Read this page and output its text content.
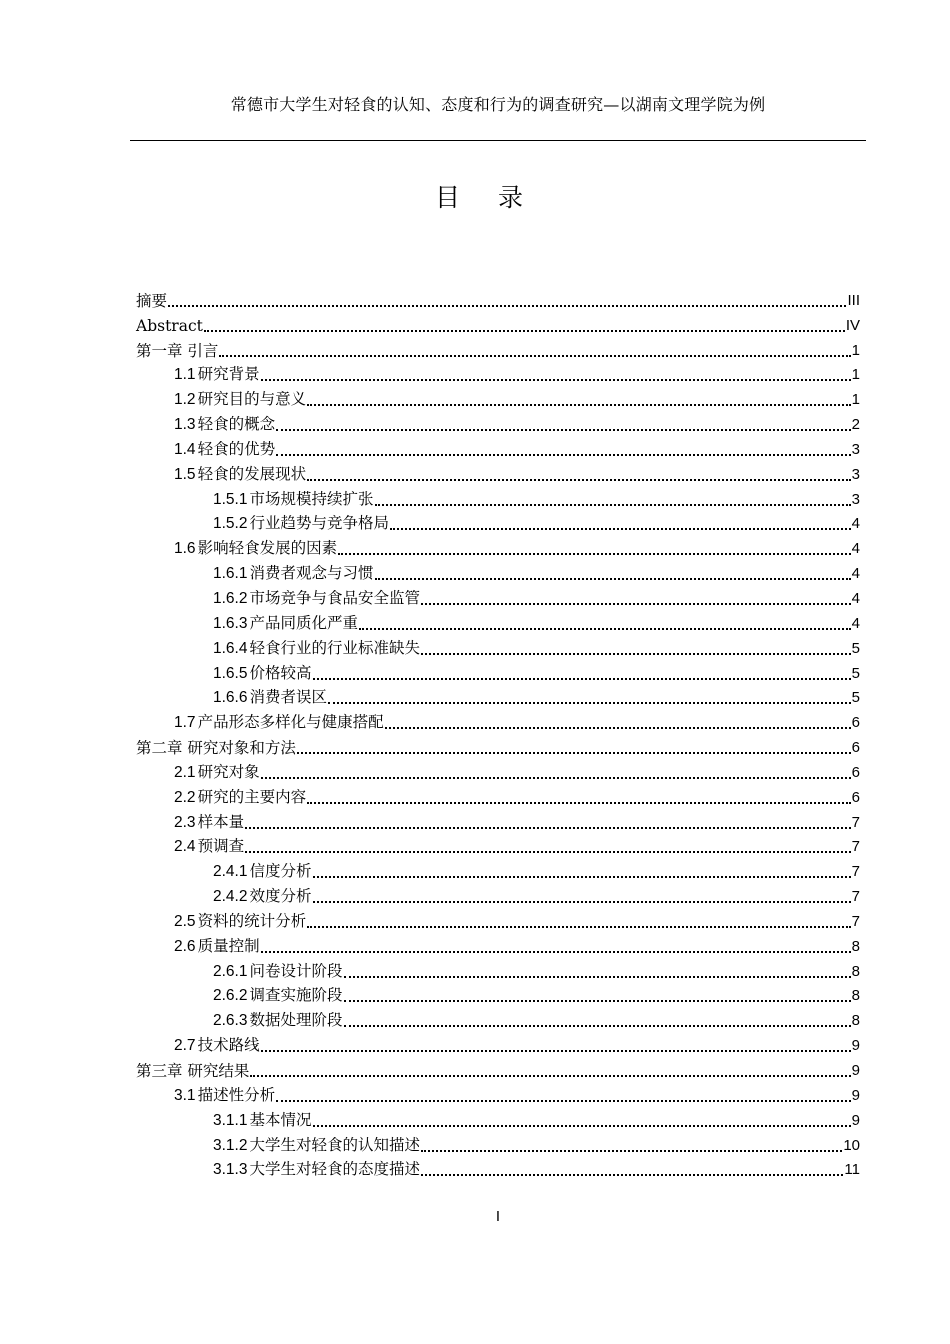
常德市大学生对轻食的认知、态度和行为的调查研究—以湖南文理学院为例
目录
摘要	III
Abstract	IV
第一章 引言	1
1.1 研究背景	1
1.2 研究目的与意义	1
1.3 轻食的概念	2
1.4 轻食的优势	3
1.5 轻食的发展现状	3
1.5.1 市场规模持续扩张	3
1.5.2 行业趋势与竞争格局	4
1.6 影响轻食发展的因素	4
1.6.1 消费者观念与习惯	4
1.6.2 市场竞争与食品安全监管	4
1.6.3 产品同质化严重	4
1.6.4 轻食行业的行业标准缺失	5
1.6.5 价格较高	5
1.6.6 消费者误区	5
1.7 产品形态多样化与健康搭配	6
第二章 研究对象和方法	6
2.1 研究对象	6
2.2 研究的主要内容	6
2.3 样本量	7
2.4 预调查	7
2.4.1 信度分析	7
2.4.2 效度分析	7
2.5 资料的统计分析	7
2.6 质量控制	8
2.6.1 问卷设计阶段	8
2.6.2 调查实施阶段	8
2.6.3 数据处理阶段	8
2.7 技术路线	9
第三章 研究结果	9
3.1 描述性分析	9
3.1.1 基本情况	9
3.1.2 大学生对轻食的认知描述	10
3.1.3 大学生对轻食的态度描述	11
I
